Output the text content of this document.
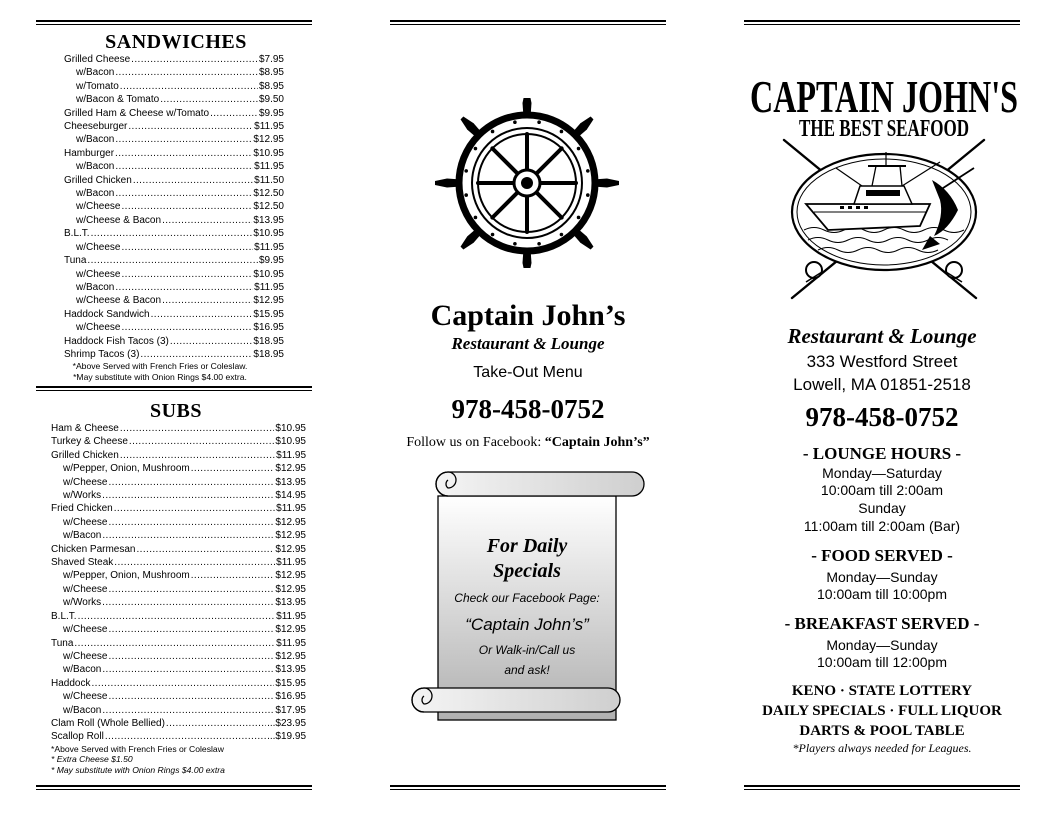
SANDWICHES
Grilled Cheese .....	$7.95
w/Bacon .....	$8.95
w/Tomato .....	$8.95
w/Bacon & Tomato .....	$9.50
Grilled Ham & Cheese w/Tomato .....	$9.95
Cheeseburger .....	$11.95
w/Bacon .....	$12.95
Hamburger .....	$10.95
w/Bacon .....	$11.95
Grilled Chicken .....	$11.50
w/Bacon .....	$12.50
w/Cheese .....	$12.50
w/Cheese & Bacon .....	$13.95
B.L.T. .....	$10.95
w/Cheese .....	$11.95
Tuna .....	$9.95
w/Cheese .....	$10.95
w/Bacon .....	$11.95
w/Cheese & Bacon .....	$12.95
Haddock Sandwich .....	$15.95
w/Cheese .....	$16.95
Haddock Fish Tacos (3) .....	$18.95
Shrimp Tacos (3) .....	$18.95
*Above Served with French Fries or Coleslaw.
*May substitute with Onion Rings $4.00 extra.
SUBS
Ham & Cheese .....	$10.95
Turkey & Cheese .....	$10.95
Grilled Chicken .....	$11.95
w/Pepper, Onion, Mushroom .....	$12.95
w/Cheese .....	$13.95
w/Works .....	$14.95
Fried Chicken .....	$11.95
w/Cheese .....	$12.95
w/Bacon .....	$12.95
Chicken Parmesan .....	$12.95
Shaved Steak .....	$11.95
w/Pepper, Onion, Mushroom .....	$12.95
w/Cheese .....	$12.95
w/Works .....	$13.95
B.L.T. .....	$11.95
w/Cheese .....	$12.95
Tuna .....	$11.95
w/Cheese .....	$12.95
w/Bacon .....	$13.95
Haddock .....	$15.95
w/Cheese .....	$16.95
w/Bacon .....	$17.95
Clam Roll (Whole Bellied) .....	...$23.95
Scallop Roll .....	...$19.95
*Above Served with French Fries or Coleslaw
* Extra Cheese $1.50
* May substitute with Onion Rings $4.00 extra
Captain John’s
Restaurant & Lounge
Take-Out Menu
978-458-0752
Follow us on Facebook: “Captain John’s”
For Daily
Specials
Check our Facebook Page:
“Captain John’s”
Or Walk-in/Call us
and ask!
CAPTAIN JOHN'S
THE BEST SEAFOOD
Restaurant & Lounge
333 Westford Street
Lowell, MA 01851-2518
978-458-0752
- LOUNGE HOURS -
Monday—Saturday
10:00am till 2:00am
Sunday
11:00am till 2:00am (Bar)
- FOOD SERVED -
Monday—Sunday
10:00am till 10:00pm
- BREAKFAST SERVED -
Monday—Sunday
10:00am till 12:00pm
KENO · STATE LOTTERY
DAILY SPECIALS · FULL LIQUOR
DARTS & POOL TABLE
*Players always needed for Leagues.
